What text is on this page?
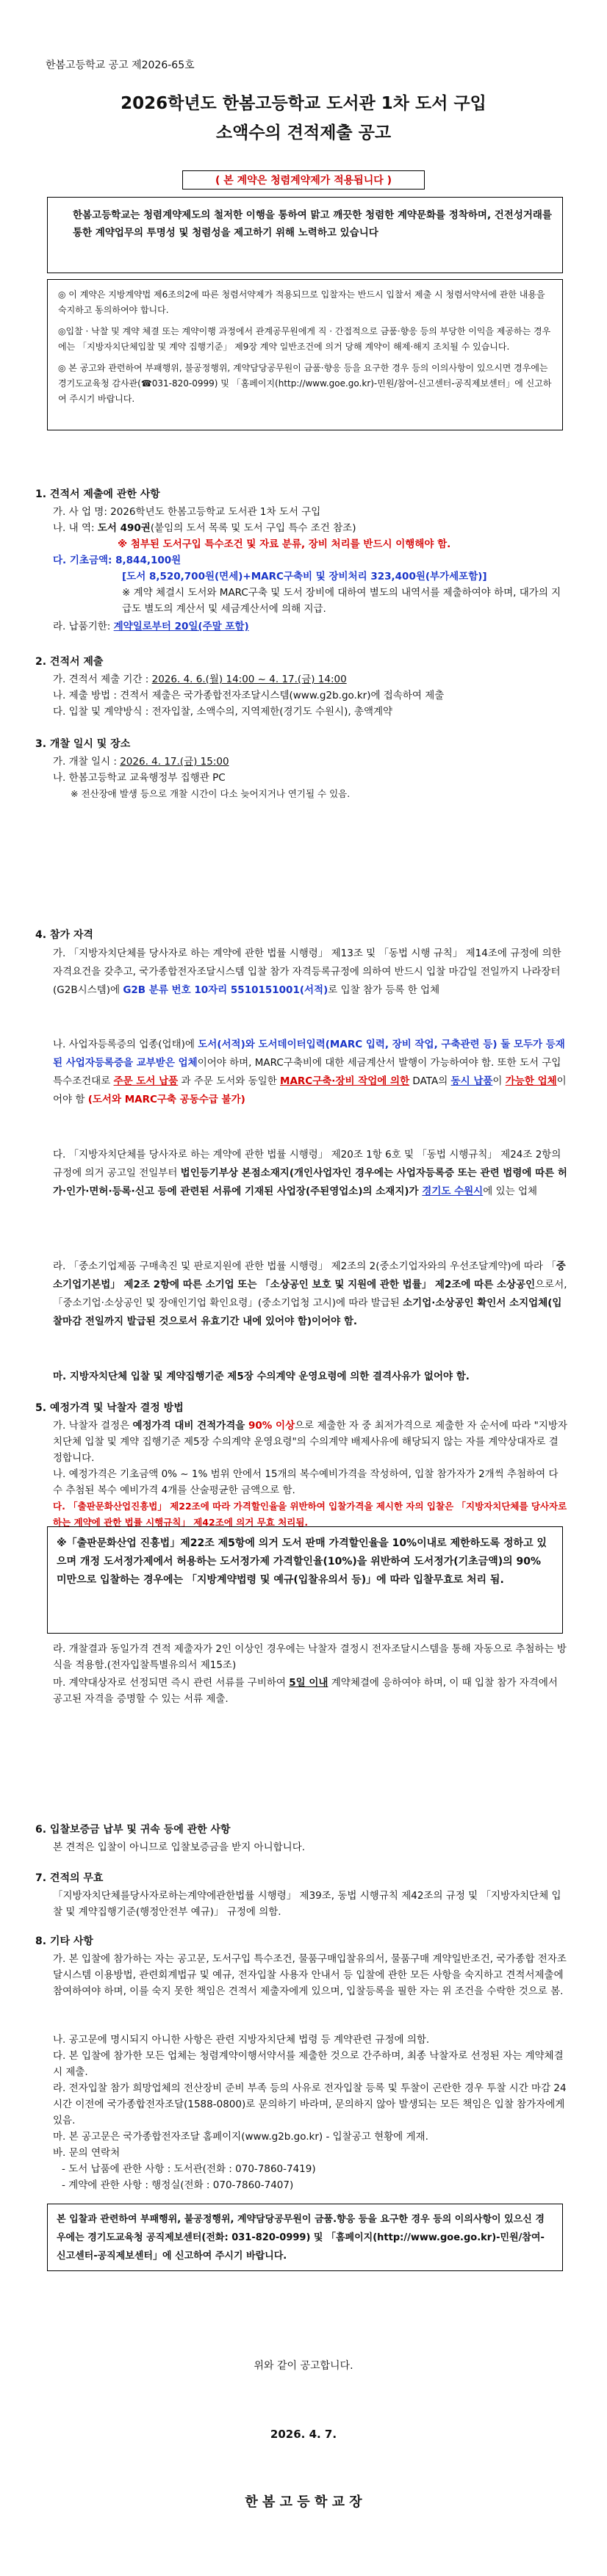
한봄고등학교 공고 제2026-65호
2026학년도 한봄고등학교 도서관 1차 도서 구입
소액수의 견적제출 공고
( 본 계약은 청렴계약제가 적용됩니다 )
한봄고등학교는 청렴계약제도의 철저한 이행을 통하여 맑고 깨끗한 청렴한 계약문화를 정착하며, 건전성거래를 통한 계약업무의 투명성 및 청렴성을 제고하기 위해 노력하고 있습니다

◎ 이 계약은 지방계약법 제6조의2에 따른 청렴서약제가 적용되므로 입찰자는 반드시 입찰서 제출 시 청렴서약서에 관한 내용을 숙지하고 동의하여야 합니다.

◎입찰 · 낙찰 및 계약 체결 또는 계약이행 과정에서 관계공무원에게 직 · 간접적으로 금품·향응 등의 부당한 이익을 제공하는 경우에는 「지방자치단체입찰 및 계약 집행기준」 제9장 계약 일반조건에 의거 당해 계약이 해제·해지 조치될 수 있습니다.

◎ 본 공고와 관련하여 부패행위, 불공정행위, 계약담당공무원이 금품·향응 등을 요구한 경우 등의 이의사항이 있으시면 경우에는 경기도교육청 감사관(☎031-820-0999) 및 「홈페이지(http://www.goe.go.kr)-민원/참여-신고센터-공직제보센터」에 신고하여 주시기 바랍니다.

1. 견적서 제출에 관한 사항
가. 사 업 명: 2026학년도 한봄고등학교 도서관 1차 도서 구입
나. 내 역: 도서 490권(붙임의 도서 목록 및 도서 구입 특수 조건 참조)
※ 첨부된 도서구입 특수조건 및 자료 분류, 장비 처리를 반드시 이행해야 함.
다. 기초금액: 8,844,100원
[도서 8,520,700원(면세)+MARC구축비 및 장비처리 323,400원(부가세포함)]
※ 계약 체결시 도서와 MARC구축 및 도서 장비에 대하여 별도의 내역서를 제출하여야 하며, 대가의 지급도 별도의 계산서 및 세금계산서에 의해 지급.
라. 납품기한: 계약일로부터 20일(주말 포함)
2. 견적서 제출
가. 견적서 제출 기간 : 2026. 4. 6.(월) 14:00 ~ 4. 17.(금) 14:00
나. 제출 방법 : 견적서 제출은 국가종합전자조달시스템(www.g2b.go.kr)에 접속하여 제출
다. 입찰 및 계약방식 : 전자입찰, 소액수의, 지역제한(경기도 수원시), 총액계약
3. 개찰 일시 및 장소
가. 개찰 일시 : 2026. 4. 17.(금) 15:00
나. 한봄고등학교 교육행정부 집행관 PC
※ 전산장애 발생 등으로 개찰 시간이 다소 늦어지거나 연기될 수 있음.
4. 참가 자격
가. 「지방자치단체를 당사자로 하는 계약에 관한 법률 시행령」 제13조 및 「동법 시행 규칙」 제14조에 규정에 의한 자격요건을 갖추고, 국가종합전자조달시스템 입찰 참가 자격등록규정에 의하여 반드시 입찰 마감일 전일까지 나라장터(G2B시스템)에 G2B 분류 번호 10자리 5510151001(서적)로 입찰 참가 등록 한 업체
나. 사업자등록증의 업종(업태)에 도서(서적)와 도서데이터입력(MARC 입력, 장비 작업, 구축관련 등) 둘 모두가 등재된 사업자등록증을 교부받은 업체이어야 하며, MARC구축비에 대한 세금계산서 발행이 가능하여야 함. 또한 도서 구입 특수조건대로 주문 도서 납품 과 주문 도서와 동일한 MARC구축·장비 작업에 의한 DATA의 동시 납품이 가능한 업체이어야 함 (도서와 MARC구축 공동수급 불가)
다. 「지방자치단체를 당사자로 하는 계약에 관한 법률 시행령」 제20조 1항 6호 및 「동법 시행규칙」 제24조 2항의 규정에 의거 공고일 전일부터 법인등기부상 본점소재지(개인사업자인 경우에는 사업자등록증 또는 관련 법령에 따른 허가·인가·면허·등록·신고 등에 관련된 서류에 기재된 사업장(주된영업소)의 소재지)가 경기도 수원시에 있는 업체
라. 「중소기업제품 구매촉진 및 판로지원에 관한 법률 시행령」 제2조의 2(중소기업자와의 우선조달계약)에 따라 「중소기업기본법」 제2조 2항에 따른 소기업 또는 「소상공인 보호 및 지원에 관한 법률」 제2조에 따른 소상공인으로서, 「중소기업·소상공인 및 장애인기업 확인요령」(중소기업청 고시)에 따라 발급된 소기업·소상공인 확인서 소지업체(입찰마감 전일까지 발급된 것으로서 유효기간 내에 있어야 함)이어야 함.
마. 지방자치단체 입찰 및 계약집행기준 제5장 수의계약 운영요령에 의한 결격사유가 없어야 함.
5. 예정가격 및 낙찰자 결정 방법
가. 낙찰자 결정은 예정가격 대비 견적가격을 90% 이상으로 제출한 자 중 최저가격으로 제출한 자 순서에 따라 "지방자치단체 입찰 및 계약 집행기준 제5장 수의계약 운영요령"의 수의계약 배제사유에 해당되지 않는 자를 계약상대자로 결정합니다.
나. 예정가격은 기초금액 0% ~ 1% 범위 안에서 15개의 복수예비가격을 작성하여, 입찰 참가자가 2개씩 추첨하여 다수 추첨된 복수 예비가격 4개를 산술평균한 금액으로 함.
다. 「출판문화산업진흥법」 제22조에 따라 가격할인율을 위반하여 입찰가격을 제시한 자의 입찰은 「지방자치단체를 당사자로 하는 계약에 관한 법률 시행규칙」 제42조에 의거 무효 처리됨.
※「출판문화산업 진흥법」제22조 제5항에 의거 도서 판매 가격할인율을 10%이내로 제한하도록 정하고 있으며 개정 도서정가제에서 허용하는 도서정가제 가격할인율(10%)을 위반하여 도서정가(기초금액)의 90% 미만으로 입찰하는 경우에는 「지방계약법령 및 예규(입찰유의서 등)」에 따라 입찰무효로 처리 됨.
라. 개찰결과 동일가격 견적 제출자가 2인 이상인 경우에는 낙찰자 결정시 전자조달시스템을 통해 자동으로 추첨하는 방식을 적용함.(전자입찰특별유의서 제15조)
마. 계약대상자로 선정되면 즉시 관련 서류를 구비하여 5일 이내 계약체결에 응하여야 하며, 이 때 입찰 참가 자격에서 공고된 자격을 증명할 수 있는 서류 제출.
6. 입찰보증금 납부 및 귀속 등에 관한 사항
본 견적은 입찰이 아니므로 입찰보증금을 받지 아니합니다.
7. 견적의 무효
「지방자치단체를당사자로하는계약에관한법률 시행령」 제39조, 동법 시행규칙 제42조의 규정 및 「지방자치단체 입찰 및 계약집행기준(행정안전부 예규)」 규정에 의함.
8. 기타 사항
가. 본 입찰에 참가하는 자는 공고문, 도서구입 특수조건, 물품구매입찰유의서, 물품구매 계약일반조건, 국가종합 전자조달시스템 이용방법, 관련회계법규 및 예규, 전자입찰 사용자 안내서 등 입찰에 관한 모든 사항을 숙지하고 견적서제출에 참여하여야 하며, 이를 숙지 못한 책임은 견적서 제출자에게 있으며, 입찰등록을 필한 자는 위 조건을 수락한 것으로 봄.
나. 공고문에 명시되지 아니한 사항은 관련 지방자치단체 법령 등 계약관련 규정에 의함.
다. 본 입찰에 참가한 모든 업체는 청렴계약이행서약서를 제출한 것으로 간주하며, 최종 낙찰자로 선정된 자는 계약체결 시 제출.
라. 전자입찰 참가 희망업체의 전산장비 준비 부족 등의 사유로 전자입찰 등록 및 투찰이 곤란한 경우 투찰 시간 마감 24시간 이전에 국가종합전자조달(1588-0800)로 문의하기 바라며, 문의하지 않아 발생되는 모든 책임은 입찰 참가자에게 있음.
마. 본 공고문은 국가종합전자조달 홈페이지(www.g2b.go.kr) - 입찰공고 현황에 게재.
바. 문의 연락처
- 도서 납품에 관한 사항 : 도서관(전화 : 070-7860-7419)
- 계약에 관한 사항 : 행정실(전화 : 070-7860-7407)
본 입찰과 관련하여 부패행위, 불공정행위, 계약담당공무원이 금품.향응 등을 요구한 경우 등의 이의사항이 있으신 경우에는 경기도교육청 공직제보센터(전화: 031-820-0999) 및 「홈페이지(http://www.goe.go.kr)-민원/참여-신고센터-공직제보센터」에 신고하여 주시기 바랍니다.
위와 같이 공고합니다.
2026. 4. 7.
한 봄 고 등 학 교 장
